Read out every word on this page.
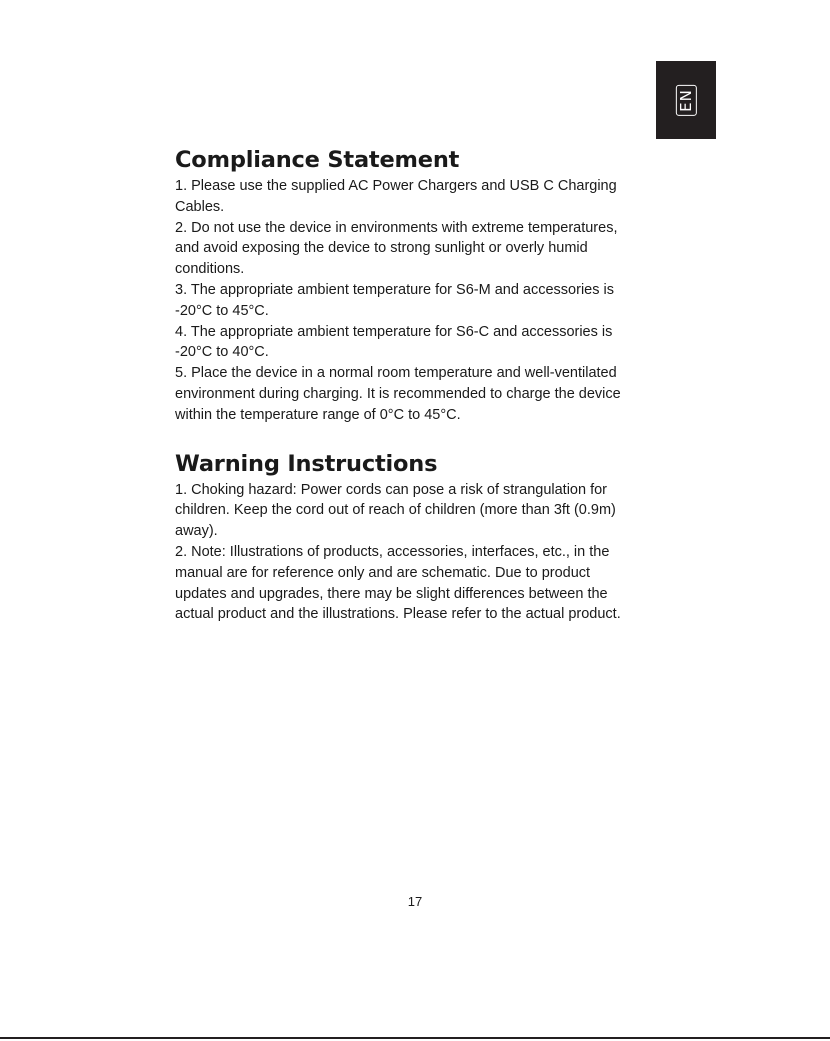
EN
Compliance Statement

1. Please use the supplied AC Power Chargers and USB C Charging

Cables.

2. Do not use the device in environments with extreme temperatures,

and avoid exposing the device to strong sunlight or overly humid

conditions.

3. The appropriate ambient temperature for S6-M and accessories is

-20°C to 45°C.

4. The appropriate ambient temperature for S6-C and accessories is

-20°C to 40°C.

5. Place the device in a normal room temperature and well-ventilated

environment during charging. It is recommended to charge the device

within the temperature range of 0°C to 45°C.

Warning Instructions

1. Choking hazard: Power cords can pose a risk of strangulation for

children. Keep the cord out of reach of children (more than 3ft (0.9m)

away).

2. Note: Illustrations of products, accessories, interfaces, etc., in the

manual are for reference only and are schematic. Due to product

updates and upgrades, there may be slight differences between the

actual product and the illustrations. Please refer to the actual product.

17
